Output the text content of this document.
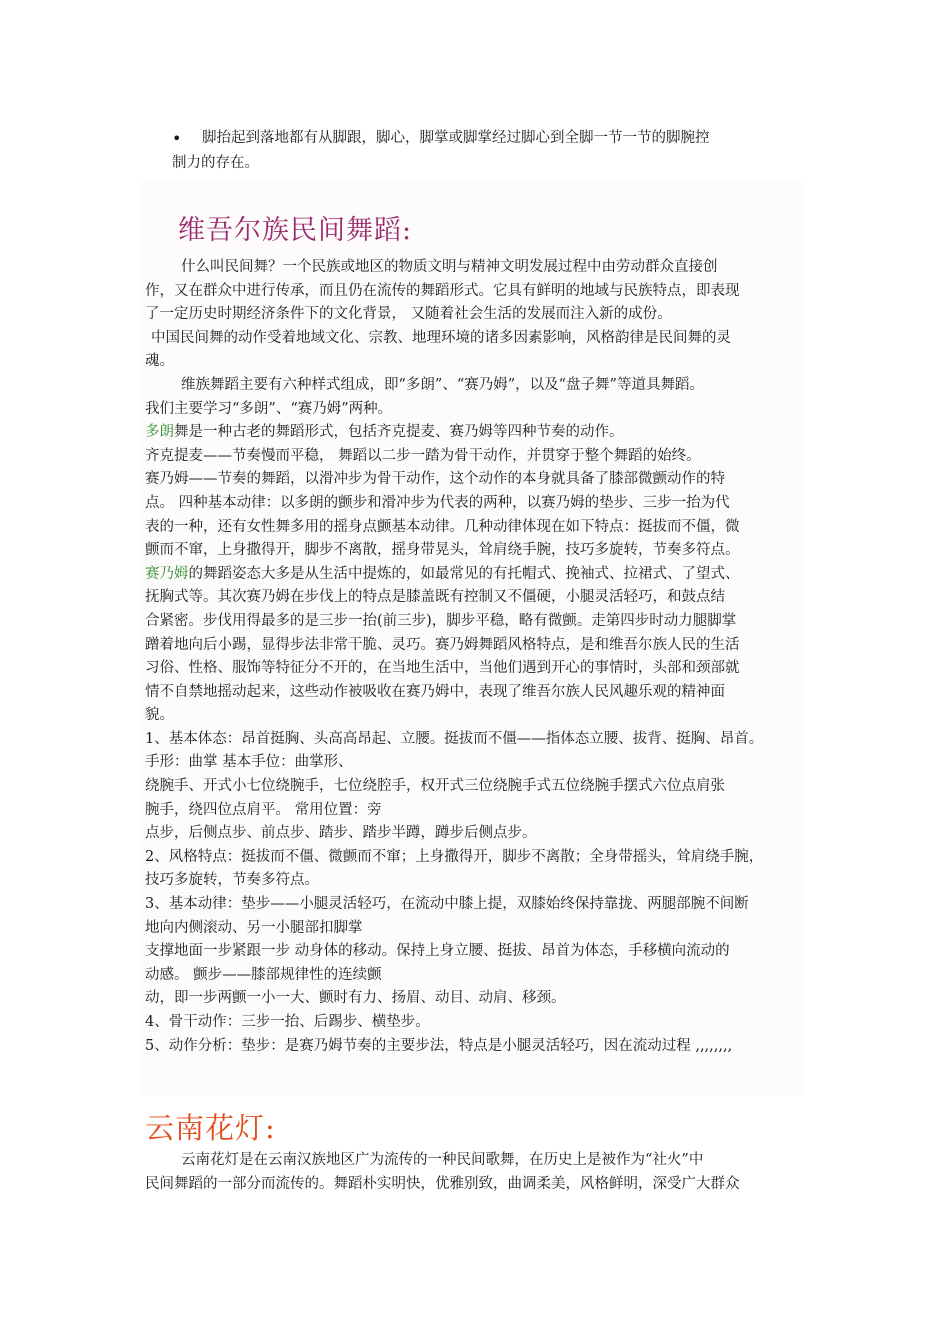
• 脚抬起到落地都有从脚跟，脚心，脚掌或脚掌经过脚心到全脚一节一节的脚腕控
制力的存在。
维吾尔族民间舞蹈:
什么叫民间舞？一个民族或地区的物质文明与精神文明发展过程中由劳动群众直接创
作，又在群众中进行传承，而且仍在流传的舞蹈形式。它具有鲜明的地域与民族特点，即表现
了一定历史时期经济条件下的文化背景， 又随着社会生活的发展而注入新的成份。
中国民间舞的动作受着地域文化、宗教、地理环境的诸多因素影响，风格韵律是民间舞的灵
魂。
维族舞蹈主要有六种样式组成，即“多朗”、“赛乃姆”，以及“盘子舞”等道具舞蹈。
我们主要学习“多朗”、“赛乃姆”两种。
多朗舞是一种古老的舞蹈形式，包括齐克提麦、赛乃姆等四种节奏的动作。
齐克提麦——节奏慢而平稳， 舞蹈以二步一踏为骨干动作，并贯穿于整个舞蹈的始终。
赛乃姆——节奏的舞蹈，以滑冲步为骨干动作，这个动作的本身就具备了膝部微颤动作的特
点。 四种基本动律：以多朗的颤步和滑冲步为代表的两种，以赛乃姆的垫步、三步一抬为代
表的一种，还有女性舞多用的摇身点颤基本动律。几种动律体现在如下特点：挺拔而不僵，微
颤而不窜，上身撒得开，脚步不离散，摇身带晃头，耸肩绕手腕，技巧多旋转，节奏多符点。
赛乃姆的舞蹈姿态大多是从生活中提炼的，如最常见的有托帽式、挽袖式、拉裙式、了望式、
抚胸式等。其次赛乃姆在步伐上的特点是膝盖既有控制又不僵硬，小腿灵活轻巧，和鼓点结
合紧密。步伐用得最多的是三步一抬(前三步)，脚步平稳，略有微颤。走第四步时动力腿脚掌
蹭着地向后小踢，显得步法非常干脆、灵巧。赛乃姆舞蹈风格特点，是和维吾尔族人民的生活
习俗、性格、服饰等特征分不开的，在当地生活中，当他们遇到开心的事情时，头部和颈部就
情不自禁地摇动起来，这些动作被吸收在赛乃姆中，表现了维吾尔族人民风趣乐观的精神面
貌。
1、基本体态：昂首挺胸、头高高昂起、立腰。挺拔而不僵——指体态立腰、拔背、挺胸、昂首。
手形：曲掌 基本手位：曲掌形、
绕腕手、开式小七位绕腕手，七位绕腔手，权开式三位绕腕手式五位绕腕手摆式六位点肩张
腕手，绕四位点肩平。 常用位置：旁
点步，后侧点步、前点步、踏步、踏步半蹲，蹲步后侧点步。
2、风格特点：挺拔而不僵、微颤而不窜；上身撒得开，脚步不离散；全身带摇头，耸肩绕手腕，
技巧多旋转，节奏多符点。
3、基本动律：垫步——小腿灵活轻巧，在流动中膝上提，双膝始终保持靠拢、两腿部腕不间断
地向内侧滚动、另一小腿部扣脚掌
支撑地面一步紧跟一步 动身体的移动。保持上身立腰、挺拔、昂首为体态，手移横向流动的
动感。 颤步——膝部规律性的连续颤
动，即一步两颤一小一大、颤时有力、扬眉、动目、动肩、移颈。
4、骨干动作：三步一抬、后踢步、横垫步。
5、动作分析：垫步：是赛乃姆节奏的主要步法，特点是小腿灵活轻巧，因在流动过程 ,,,,,,,,
云南花灯:
云南花灯是在云南汉族地区广为流传的一种民间歌舞，在历史上是被作为“社火”中
民间舞蹈的一部分而流传的。舞蹈朴实明快，优雅别致，曲调柔美，风格鲜明，深受广大群众
